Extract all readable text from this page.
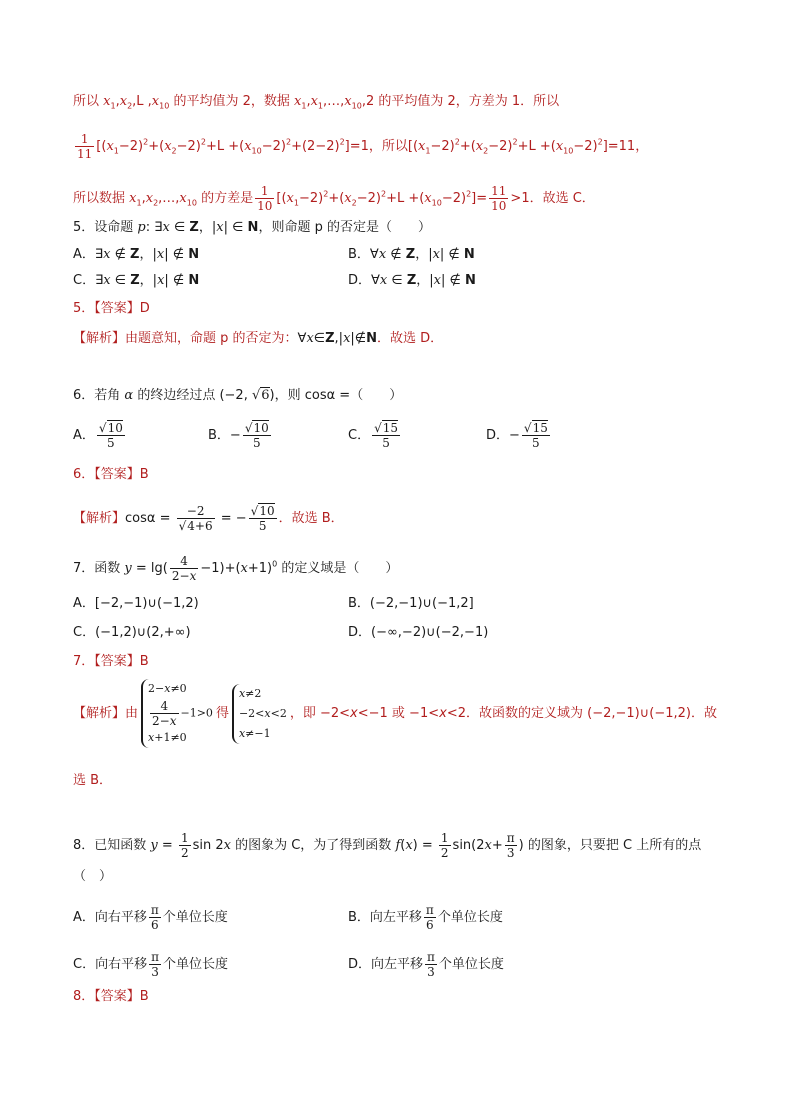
所以 $x_1,x_2,L$ $,x_{10}$ 的平均值为 2，数据 $x_1,x_1,\dots,x_{10},2$ 的平均值为 2，方差为 1．所以
$\frac{1}{11} [(x_1-2)^2+(x_2-2)^2+L +(x_{10}-2)^2+(2-2)^2]=1$，所以$[(x_1-2)^2+(x_2-2)^2+L +(x_{10}-2)^2]=11$，
所以数据 $x_1,x_2,\dots,x_{10}$ 的方差是 $\frac{1}{10} [(x_1-2)^2+(x_2-2)^2+L +(x_{10}-2)^2]= \frac{11}{10} >1$．故选 C．
5．设命题 p: ∃x ∈ Z，|x| ∈ N，则命题 p 的否定是（　　）
A．∃x ∉ Z，|x| ∉ N	B．∀x ∉ Z，|x| ∉ N
C．∃x ∈ Z，|x| ∉ N	D．∀x ∈ Z，|x| ∉ N
5．【答案】D
【解析】由题意知，命题 p 的否定为：∀x∈Z,|x|∉N．故选 D．
6．若角 α 的终边经过点 (−2, √6)，则 cosα =（　　）
A． $\frac{√10}{5}$	B．− $\frac{√10}{5}$	C． $\frac{√15}{5}$	D．− $\frac{√15}{5}$
6．【答案】B
【解析】$\cos\alpha = \frac{-2}{√4+6}$ = − $\frac{√10}{5}$ ．故选 B．
7．函数 $y = \lg( \frac{4}{2-x} -1)+(x+1)^0$ 的定义域是（　　）
A．[−2,−1)∪(−1,2)	B．(−2,−1)∪(−1,2]
C．(−1,2)∪(2,+∞)	D．(−∞,−2)∪(−2,−1)
7．【答案】B
【解析】由
2−x≠0
$\frac{4}{2-x} -1>0$
x+1≠0
得
x≠2
−2<x<2
x≠−1
，即 −2<x<−1 或 −1<x<2．故函数的定义域为 (−2,−1)∪(−1,2)．故
选 B．
8．已知函数 $y = \frac{1}{2}$ sin 2x 的图象为 C，为了得到函数 $f(x) = \frac{1}{2} \sin(2x+ \frac{\pi}{3}$ ) 的图象，只要把 C 上所有的点
（　）
A．向右平移 $\frac{\pi}{6}$ 个单位长度	B．向左平移 $\frac{\pi}{6}$ 个单位长度
C．向右平移 $\frac{\pi}{3}$ 个单位长度	D．向左平移 $\frac{\pi}{3}$ 个单位长度
8．【答案】B
